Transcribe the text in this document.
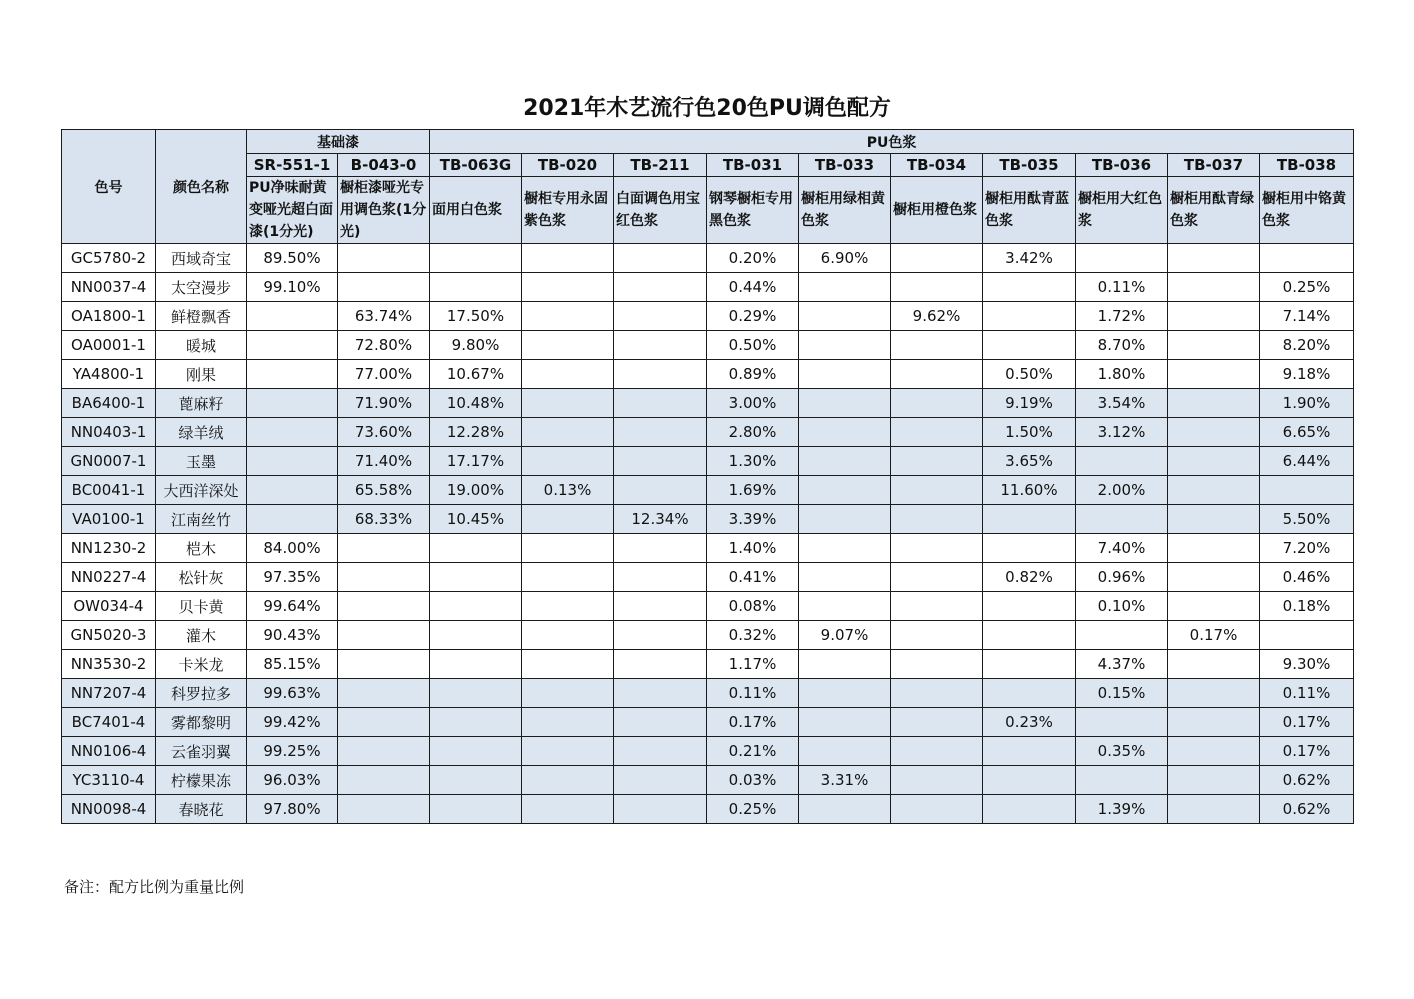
2021年木艺流行色20色PU调色配方
色号	颜色名称	基础漆		PU色浆									
		SR-551-1	B-043-0	TB-063G	TB-020	TB-211	TB-031	TB-033	TB-034	TB-035	TB-036	TB-037	TB-038
		PU净味耐黄变哑光超白面漆(1分光)	橱柜漆哑光专用调色浆(1分光)	面用白色浆	橱柜专用永固紫色浆	白面调色用宝红色浆	钢琴橱柜专用黑色浆	橱柜用绿相黄色浆	橱柜用橙色浆	橱柜用酞青蓝色浆	橱柜用大红色浆	橱柜用酞青绿色浆	橱柜用中铬黄色浆
GC5780-2	西域奇宝	89.50%					0.20%	6.90%		3.42%			
NN0037-4	太空漫步	99.10%					0.44%				0.11%		0.25%
OA1800-1	鲜橙飘香		63.74%	17.50%			0.29%		9.62%		1.72%		7.14%
OA0001-1	暖城		72.80%	9.80%			0.50%				8.70%		8.20%
YA4800-1	刚果		77.00%	10.67%			0.89%			0.50%	1.80%		9.18%
BA6400-1	蓖麻籽		71.90%	10.48%			3.00%			9.19%	3.54%		1.90%
NN0403-1	绿羊绒		73.60%	12.28%			2.80%			1.50%	3.12%		6.65%
GN0007-1	玉墨		71.40%	17.17%			1.30%			3.65%			6.44%
BC0041-1	大西洋深处		65.58%	19.00%	0.13%		1.69%			11.60%	2.00%		
VA0100-1	江南丝竹		68.33%	10.45%		12.34%	3.39%						5.50%
NN1230-2	桤木	84.00%					1.40%				7.40%		7.20%
NN0227-4	松针灰	97.35%					0.41%			0.82%	0.96%		0.46%
OW034-4	贝卡黄	99.64%					0.08%				0.10%		0.18%
GN5020-3	灌木	90.43%					0.32%	9.07%				0.17%	
NN3530-2	卡米龙	85.15%					1.17%				4.37%		9.30%
NN7207-4	科罗拉多	99.63%					0.11%				0.15%		0.11%
BC7401-4	雾都黎明	99.42%					0.17%			0.23%			0.17%
NN0106-4	云雀羽翼	99.25%					0.21%				0.35%		0.17%
YC3110-4	柠檬果冻	96.03%					0.03%	3.31%					0.62%
NN0098-4	春晓花	97.80%					0.25%				1.39%		0.62%
备注：配方比例为重量比例
